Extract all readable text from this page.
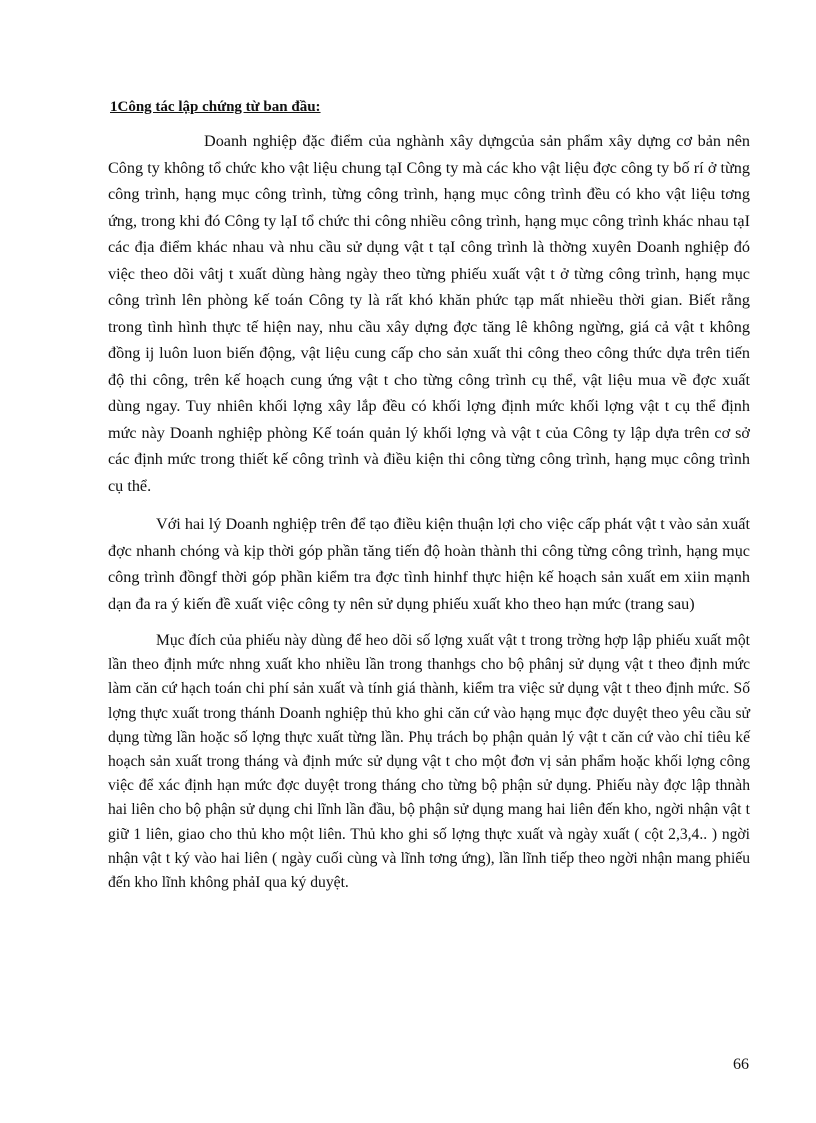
1Công tác lập chứng từ ban đầu:

Doanh nghiệp đặc điểm của nghành xây dựngcủa sản phẩm xây dựng cơ bản nên Công ty không tổ chức kho vật liệu chung tạI Công ty mà các kho vật liệu đợc công ty bố rí ở từng công trình, hạng mục công trình, từng công trình, hạng mục công trình đều có kho vật liệu tơng ứng, trong khi đó Công ty lạI tổ chức thi công nhiều công trình, hạng mục công trình khác nhau tạI các địa điểm khác nhau và nhu cầu sử dụng vật t tạI công trình là thờng xuyên Doanh nghiệp đó việc theo dõi vâtj t xuất dùng hàng ngày theo từng phiếu xuất vật t ở từng công trình, hạng mục công trình lên phòng kế toán Công ty là rất khó khăn phức tạp mất nhieều thời gian. Biết rằng trong tình hình thực tế hiện nay, nhu cầu xây dựng đợc tăng lê không ngừng, giá cả vật t không đồng ij luôn luon biến động, vật liệu cung cấp cho sản xuất thi công theo công thức dựa trên tiến độ thi công, trên kế hoạch cung ứng vật t cho từng công trình cụ thể, vật liệu mua về đợc xuất dùng ngay. Tuy nhiên khối lợng xây lắp đều có khối lợng định mức khối lợng vật t cụ thể định mức này Doanh nghiệp phòng Kế toán quản lý khối lợng và vật t của Công ty lập dựa trên cơ sở các định mức trong thiết kế công trình và điều kiện thi công từng công trình, hạng mục công trình cụ thể.

Với hai lý Doanh nghiệp trên để tạo điều kiện thuận lợi cho việc cấp phát vật t vào sản xuất đợc nhanh chóng và kịp thời góp phần tăng tiến độ hoàn thành thi công từng công trình, hạng mục công trình đồngf thời góp phần kiểm tra đợc tình hinhf thực hiện kế hoạch sản xuất em xiin mạnh dạn đa ra ý kiến đề xuất việc công ty nên sử dụng phiếu xuất kho theo hạn mức (trang sau)

Mục đích của phiếu này dùng để heo dõi số lợng xuất vật t trong trờng hợp lập phiếu xuất một lần theo định mức nhng xuất kho nhiều lần trong thanhgs cho bộ phânj sử dụng vật t theo định mức làm căn cứ hạch toán chi phí sản xuất và tính giá thành, kiểm tra việc sử dụng vật t theo định mức. Số lợng thực xuất trong thánh Doanh nghiệp thủ kho ghi căn cứ vào hạng mục đợc duyệt theo yêu cầu sử dụng từng lần hoặc số lợng thực xuất từng lần. Phụ trách bọ phận quản lý vật t căn cứ vào chỉ tiêu kế hoạch sản xuất trong tháng và định mức sử dụng vật t cho một đơn vị sản phẩm hoặc khối lợng công việc để xác định hạn mức đợc duyệt trong tháng cho từng bộ phận sử dụng. Phiếu này đợc lập thnàh hai liên cho bộ phận sử dụng chi lĩnh lần đầu, bộ phận sử dụng mang hai liên đến kho, ngời nhận vật t giữ 1 liên, giao cho thủ kho một liên. Thủ kho ghi số lợng thực xuất và ngày xuất ( cột 2,3,4.. ) ngời nhận vật t ký vào hai liên ( ngày cuối cùng và lĩnh tơng ứng), lần lĩnh tiếp theo ngời nhận mang phiếu đến kho lĩnh không phảI qua ký duyệt.

66
